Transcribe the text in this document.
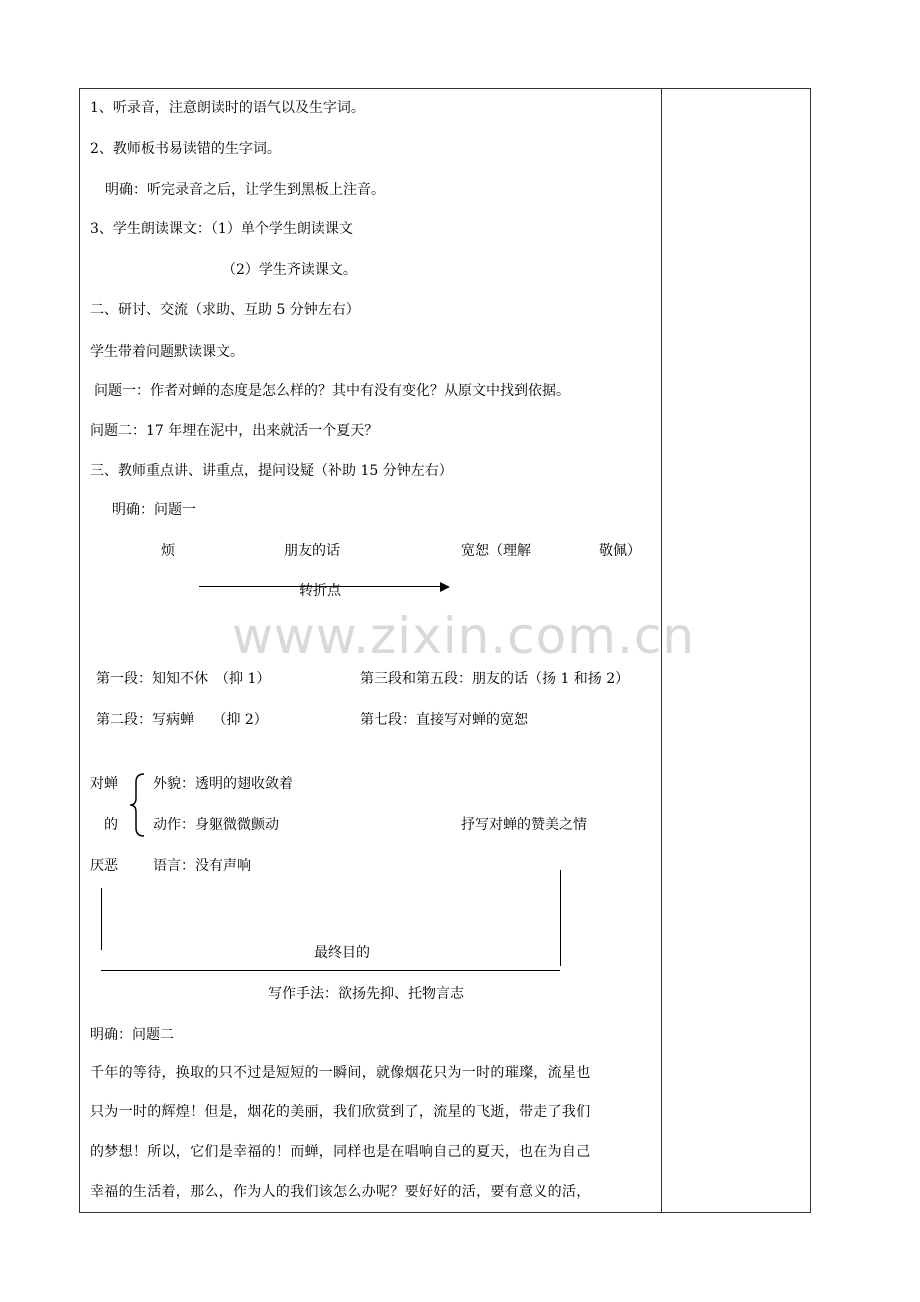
1、听录音，注意朗读时的语气以及生字词。
2、教师板书易读错的生字词。
明确：听完录音之后，让学生到黑板上注音。
3、学生朗读课文：（1）单个学生朗读课文
（2）学生齐读课文。
二、研讨、交流（求助、互助 5 分钟左右）
学生带着问题默读课文。
问题一：作者对蝉的态度是怎么样的？其中有没有变化？从原文中找到依据。
问题二：17 年埋在泥中，出来就活一个夏天？
三、教师重点讲、讲重点，提问设疑（补助 15 分钟左右）
明确：问题一
烦	朋友的话	宽恕（理解	敬佩）
转折点
www.zixin.com.cn
第一段：知知不休　（抑 1）	第三段和第五段：朋友的话（扬 1 和扬 2）
第二段：写病蝉　 （抑 2）	第七段：直接写对蝉的宽恕
对蝉
的
厌恶
外貌：透明的翅收敛着
动作：身躯微微颤动
语言：没有声响
抒写对蝉的赞美之情
最终目的
写作手法：欲扬先抑、托物言志
明确：问题二
千年的等待，换取的只不过是短短的一瞬间，就像烟花只为一时的璀璨，流星也
只为一时的辉煌！但是，烟花的美丽，我们欣赏到了，流星的飞逝，带走了我们
的梦想！所以，它们是幸福的！而蝉，同样也是在唱响自己的夏天，也在为自己
幸福的生活着，那么，作为人的我们该怎么办呢？要好好的活，要有意义的活，
